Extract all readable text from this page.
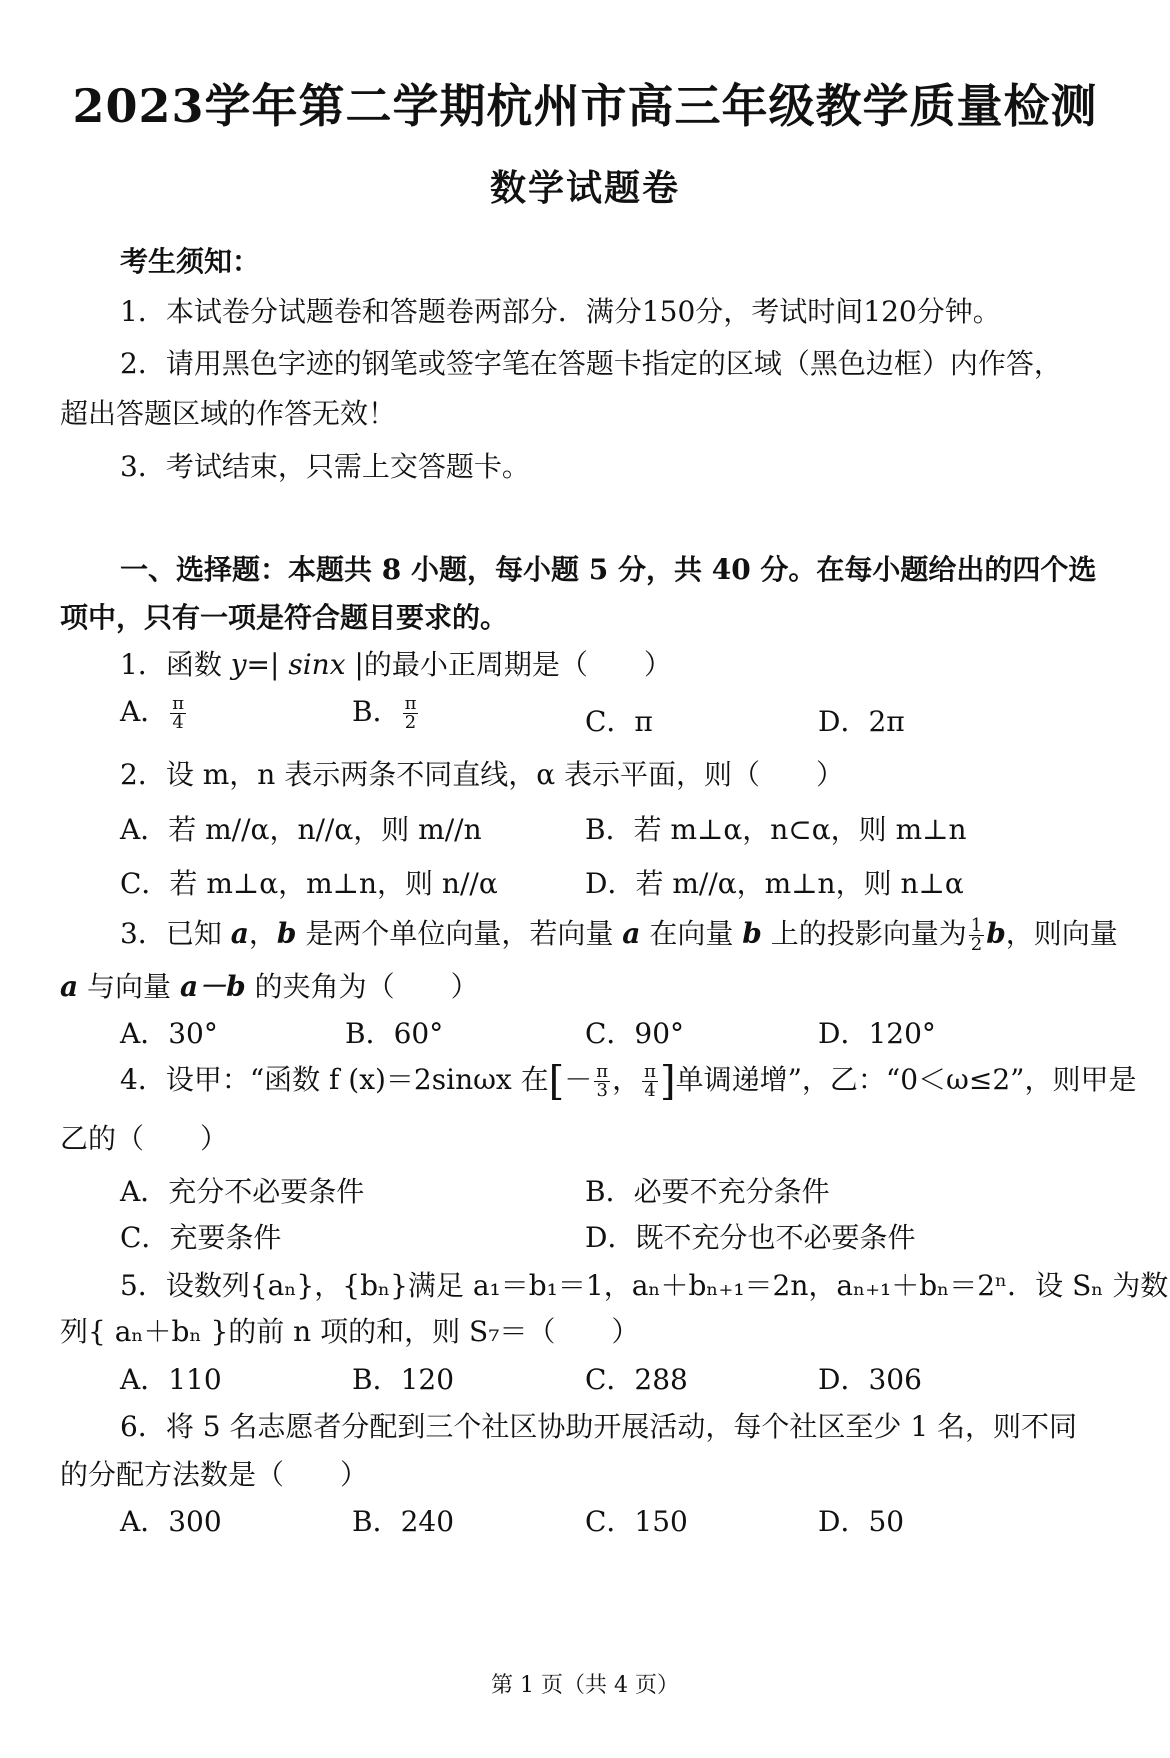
2023学年第二学期杭州市高三年级教学质量检测
数学试题卷
考生须知：
1．本试卷分试题卷和答题卷两部分．满分150分，考试时间120分钟。
2．请用黑色字迹的钢笔或签字笔在答题卡指定的区域（黑色边框）内作答，
超出答题区域的作答无效！
3．考试结束，只需上交答题卡。
一、选择题：本题共 8 小题，每小题 5 分，共 40 分。在每小题给出的四个选
项中，只有一项是符合题目要求的。
1．函数 y=| sinx |的最小正周期是（　　）
A． $\frac{\pi}{4}$	B． $\frac{\pi}{2}$	C．π	D．2π
2．设 m，n 表示两条不同直线，α 表示平面，则（　　）
A．若 m//α，n//α，则 m//n	B．若 m⊥α，n⊂α，则 m⊥n
C．若 m⊥α，m⊥n，则 n//α	D．若 m//α，m⊥n，则 n⊥α
3．已知 a，b 是两个单位向量，若向量 a 在向量 b 上的投影向量为 $\frac{1}{2}$ b，则向量
a 与向量 a－b 的夹角为（　　）
A．30°	B．60°	C．90°	D．120°
4．设甲：“函数 f (x)＝2sinωx 在[－ $\frac{\pi}{3}$ ， $\frac{\pi}{4}$ ]单调递增”，乙：“0＜ω≤2”，则甲是
乙的（　　）
A．充分不必要条件	B．必要不充分条件
C．充要条件	D．既不充分也不必要条件
5．设数列{aₙ}，{bₙ}满足 a₁＝b₁＝1，aₙ＋bₙ₊₁＝2n，aₙ₊₁＋bₙ＝2ⁿ．设 Sₙ 为数
列{ aₙ＋bₙ }的前 n 项的和，则 S₇＝（　　）
A．110	B．120	C．288	D．306
6．将 5 名志愿者分配到三个社区协助开展活动，每个社区至少 1 名，则不同
的分配方法数是（　　）
A．300	B．240	C．150	D．50
第 1 页（共 4 页）
